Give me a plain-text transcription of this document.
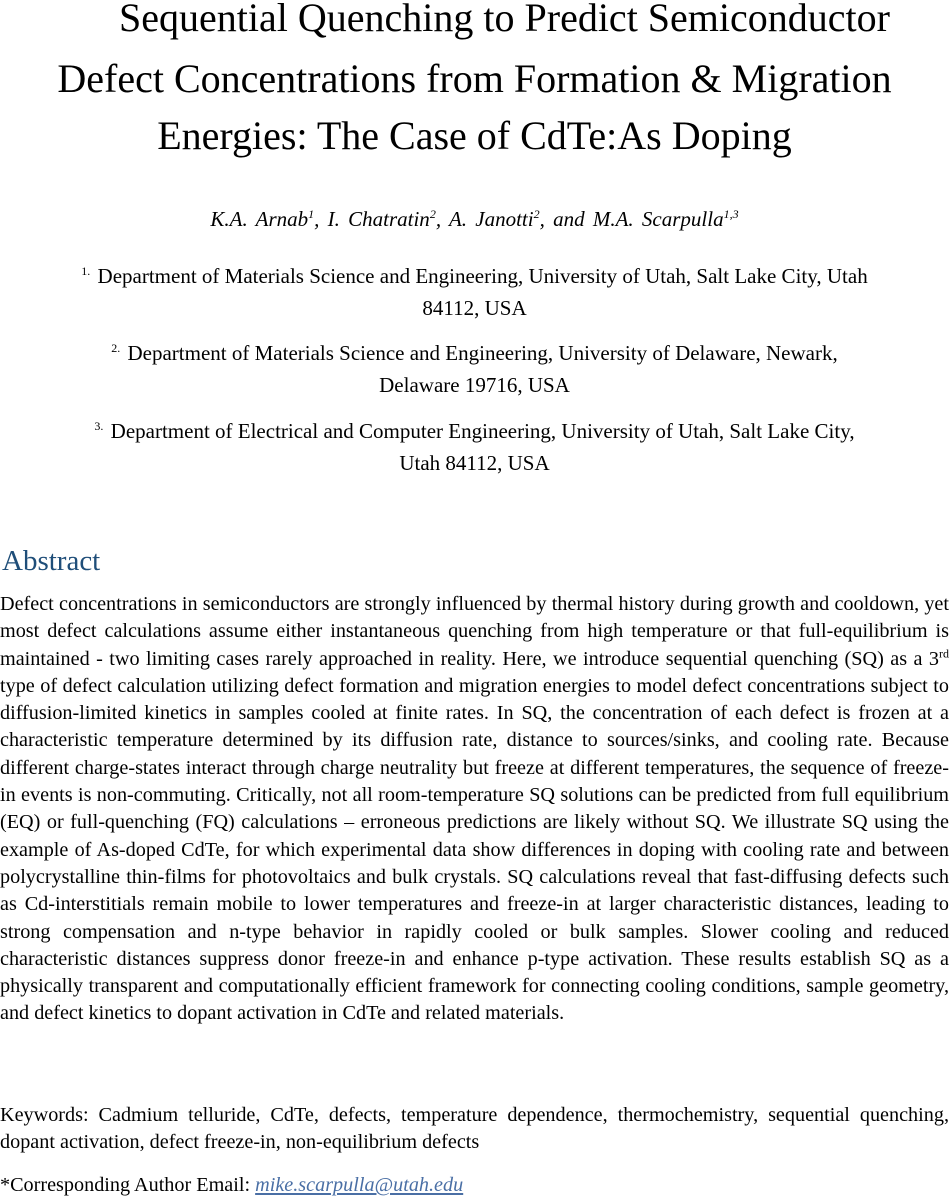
Sequential Quenching to Predict Semiconductor
Defect Concentrations from Formation & Migration
Energies: The Case of CdTe:As Doping
K.A. Arnab$^1$, I. Chatratin$^2$, A. Janotti$^2$, and M.A. Scarpulla$^{1,3}$
$^{1.}$ Department of Materials Science and Engineering, University of Utah, Salt Lake City, Utah
84112, USA
$^{2.}$ Department of Materials Science and Engineering, University of Delaware, Newark,
Delaware 19716, USA
$^{3.}$ Department of Electrical and Computer Engineering, University of Utah, Salt Lake City,
Utah 84112, USA
Abstract

Defect concentrations in semiconductors are strongly influenced by thermal history during growth and cooldown, yet most defect calculations assume either instantaneous quenching from high temperature or that full-equilibrium is maintained - two limiting cases rarely approached in reality. Here, we introduce sequential quenching (SQ) as a 3rd type of defect calculation utilizing defect formation and migration energies to model defect concentrations subject to diffusion-limited kinetics in samples cooled at finite rates. In SQ, the concentration of each defect is frozen at a characteristic temperature determined by its diffusion rate, distance to sources/sinks, and cooling rate. Because different charge-states interact through charge neutrality but freeze at different temperatures, the sequence of freeze-in events is non-commuting. Critically, not all room-temperature SQ solutions can be predicted from full equilibrium (EQ) or full-quenching (FQ) calculations – erroneous predictions are likely without SQ. We illustrate SQ using the example of As-doped CdTe, for which experimental data show differences in doping with cooling rate and between polycrystalline thin-films for photovoltaics and bulk crystals. SQ calculations reveal that fast-diffusing defects such as Cd-interstitials remain mobile to lower temperatures and freeze-in at larger characteristic distances, leading to strong compensation and n-type behavior in rapidly cooled or bulk samples. Slower cooling and reduced characteristic distances suppress donor freeze-in and enhance p-type activation. These results establish SQ as a physically transparent and computationally efficient framework for connecting cooling conditions, sample geometry, and defect kinetics to dopant activation in CdTe and related materials.

Keywords: Cadmium telluride, CdTe, defects, temperature dependence, thermochemistry, sequential quenching, dopant activation, defect freeze-in, non-equilibrium defects

*Corresponding Author Email: mike.scarpulla@utah.edu
